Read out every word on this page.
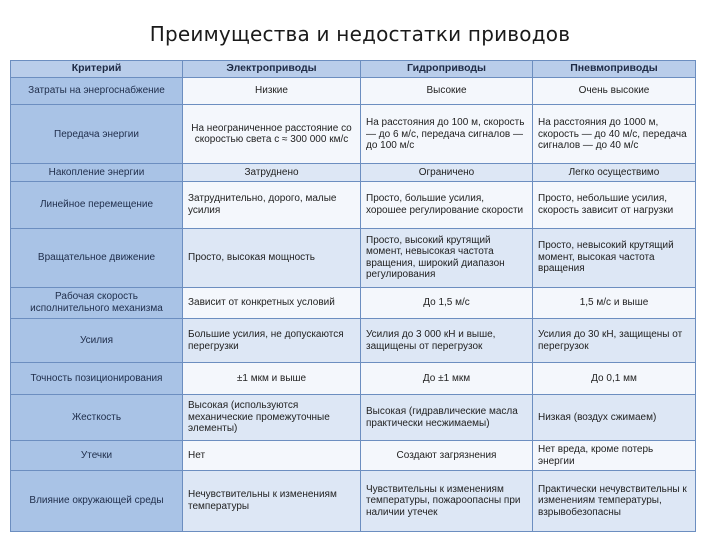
Преимущества и недостатки приводов
Критерий	Электроприводы	Гидроприводы	Пневмоприводы
Затраты на энергоснабжение	Низкие	Высокие	Очень высокие
Передача энергии	На неограниченное расстояние со скоростью света с ≈ 300 000 км/с	На расстояния до 100 м, скорость — до 6 м/с, передача сигналов — до 100 м/с	На расстояния до 1000 м, скорость — до 40 м/с, передача сигналов — до 40 м/с
Накопление энергии	Затруднено	Ограничено	Легко осуществимо
Линейное перемещение	Затруднительно, дорого, малые усилия	Просто, большие усилия, хорошее регулирование скорости	Просто, небольшие усилия, скорость зависит от нагрузки
Вращательное движение	Просто, высокая мощность	Просто, высокий крутящий момент, невысокая частота вращения, широкий диапазон регулирования	Просто, невысокий крутящий момент, высокая частота вращения
Рабочая скорость исполнительного механизма	Зависит от конкретных условий	До 1,5 м/с	1,5 м/с и выше
Усилия	Большие усилия, не допускаются перегрузки	Усилия до 3 000 кН и выше, защищены от перегрузок	Усилия до 30 кН, защищены от перегрузок
Точность позиционирования	±1 мкм и выше	До ±1 мкм	До 0,1 мм
Жесткость	Высокая (используются механические промежуточные элементы)	Высокая (гидравлические масла практически несжимаемы)	Низкая (воздух сжимаем)
Утечки	Нет	Создают загрязнения	Нет вреда, кроме потерь энергии
Влияние окружающей среды	Нечувствительны к изменениям температуры	Чувствительны к изменениям температуры, пожароопасны при наличии утечек	Практически нечувствительны к изменениям температуры, взрывобезопасны
